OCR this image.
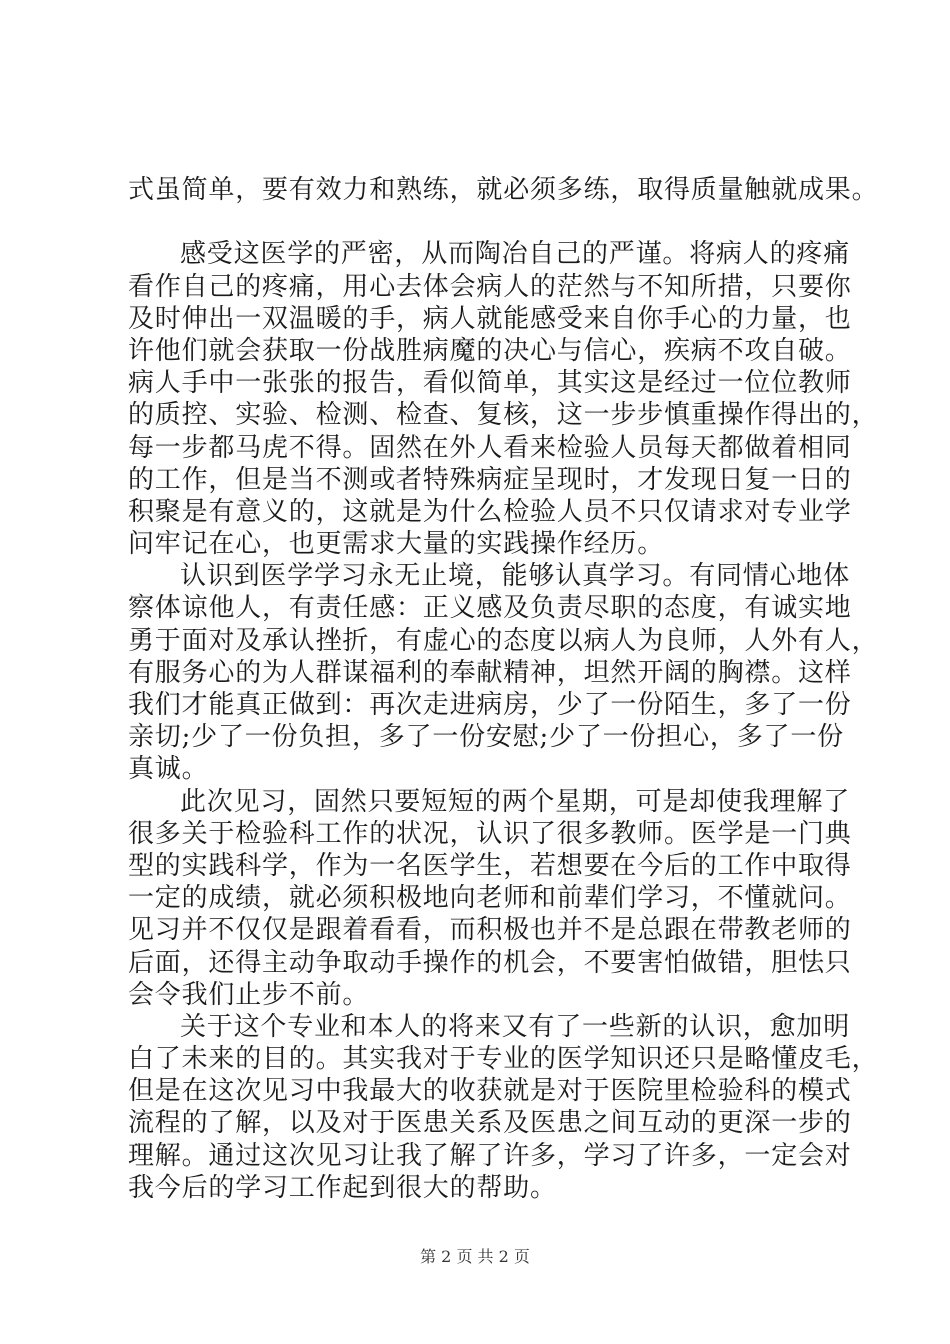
式虽简单，要有效力和熟练，就必须多练，取得质量触就成果。
感受这医学的严密，从而陶冶自己的严谨。将病人的疼痛
看作自己的疼痛，用心去体会病人的茫然与不知所措，只要你
及时伸出一双温暖的手，病人就能感受来自你手心的力量，也
许他们就会获取一份战胜病魔的决心与信心，疾病不攻自破。
病人手中一张张的报告，看似简单，其实这是经过一位位教师
的质控、实验、检测、检查、复核，这一步步慎重操作得出的，
每一步都马虎不得。固然在外人看来检验人员每天都做着相同
的工作，但是当不测或者特殊病症呈现时，才发现日复一日的
积聚是有意义的，这就是为什么检验人员不只仅请求对专业学
问牢记在心，也更需求大量的实践操作经历。
认识到医学学习永无止境，能够认真学习。有同情心地体
察体谅他人，有责任感：正义感及负责尽职的态度，有诚实地
勇于面对及承认挫折，有虚心的态度以病人为良师，人外有人，
有服务心的为人群谋福利的奉献精神，坦然开阔的胸襟。这样
我们才能真正做到：再次走进病房，少了一份陌生，多了一份
亲切;少了一份负担，多了一份安慰;少了一份担心，多了一份
真诚。
此次见习，固然只要短短的两个星期，可是却使我理解了
很多关于检验科工作的状况，认识了很多教师。医学是一门典
型的实践科学，作为一名医学生，若想要在今后的工作中取得
一定的成绩，就必须积极地向老师和前辈们学习，不懂就问。
见习并不仅仅是跟着看看，而积极也并不是总跟在带教老师的
后面，还得主动争取动手操作的机会，不要害怕做错，胆怯只
会令我们止步不前。
关于这个专业和本人的将来又有了一些新的认识，愈加明
白了未来的目的。其实我对于专业的医学知识还只是略懂皮毛，
但是在这次见习中我最大的收获就是对于医院里检验科的模式
流程的了解，以及对于医患关系及医患之间互动的更深一步的
理解。通过这次见习让我了解了许多，学习了许多，一定会对
我今后的学习工作起到很大的帮助。
第 2 页 共 2 页
